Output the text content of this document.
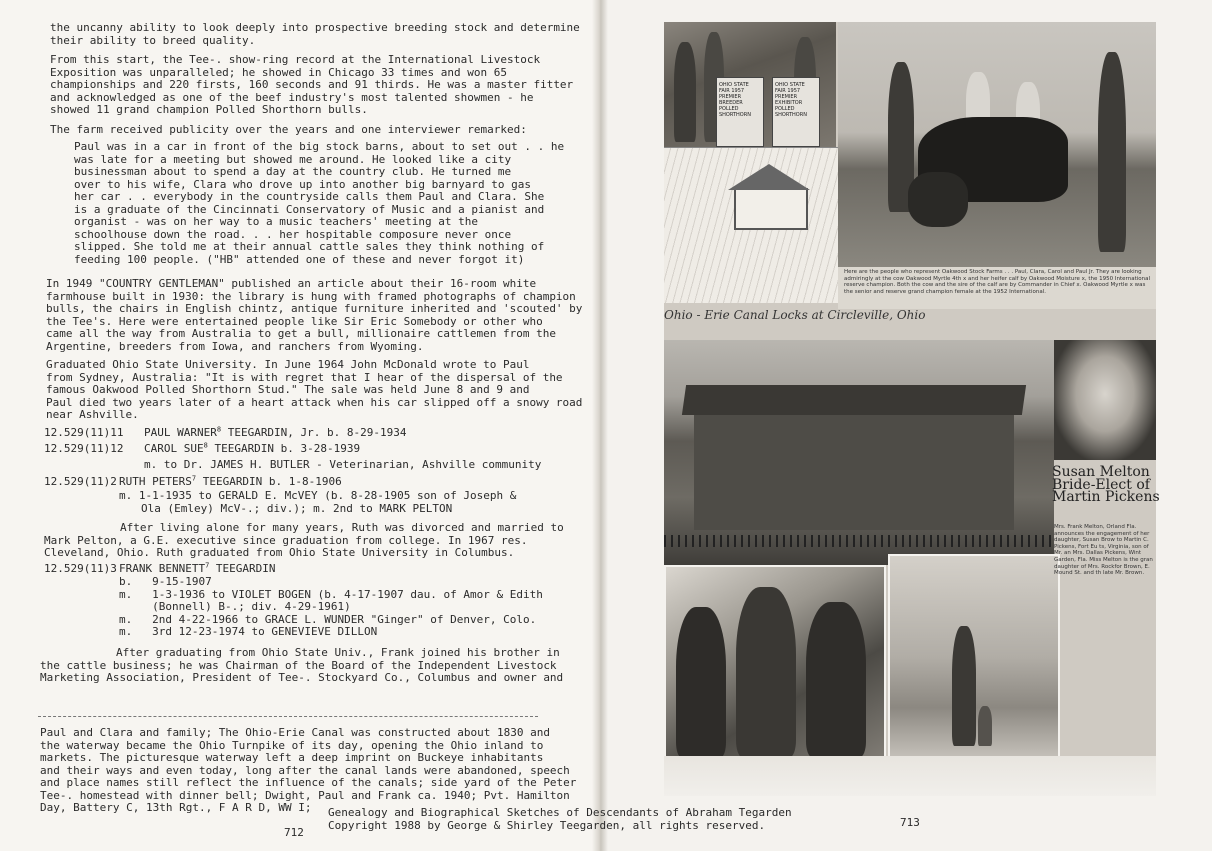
the uncanny ability to look deeply into prospective breeding stock and determine
their ability to breed quality.
From this start, the Tee-. show-ring record at the International Livestock
Exposition was unparalleled; he showed in Chicago 33 times and won 65
championships and 220 firsts, 160 seconds and 91 thirds. He was a master fitter
and acknowledged as one of the beef industry's most talented showmen - he
showed 11 grand champion Polled Shorthorn bulls.
The farm received publicity over the years and one interviewer remarked:
Paul was in a car in front of the big stock barns, about to set out . . he
was late for a meeting but showed me around. He looked like a city
businessman about to spend a day at the country club. He turned me
over to his wife, Clara who drove up into another big barnyard to gas
her car . . everybody in the countryside calls them Paul and Clara. She
is a graduate of the Cincinnati Conservatory of Music and a pianist and
organist - was on her way to a music teachers' meeting at the
schoolhouse down the road. . . her hospitable composure never once
slipped. She told me at their annual cattle sales they think nothing of
feeding 100 people. ("HB" attended one of these and never forgot it)
In 1949 "COUNTRY GENTLEMAN" published an article about their 16-room white
farmhouse built in 1930: the library is hung with framed photographs of champion
bulls, the chairs in English chintz, antique furniture inherited and 'scouted' by
the Tee's. Here were entertained people like Sir Eric Somebody or other who
came all the way from Australia to get a bull, millionaire cattlemen from the
Argentine, breeders from Iowa, and ranchers from Wyoming.
Graduated Ohio State University. In June 1964 John McDonald wrote to Paul
from Sydney, Australia: "It is with regret that I hear of the dispersal of the
famous Oakwood Polled Shorthorn Stud." The sale was held June 8 and 9 and
Paul died two years later of a heart attack when his car slipped off a snowy road
near Ashville.
12.529(11)11 PAUL WARNER$^8$ TEEGARDIN, Jr. b. 8-29-1934
12.529(11)12 CAROL SUE$^8$ TEEGARDIN b. 3-28-1939
m. to Dr. JAMES H. BUTLER - Veterinarian, Ashville community
12.529(11)2 RUTH PETERS$^7$ TEEGARDIN b. 1-8-1906
m. 1-1-1935 to GERALD E. McVEY (b. 8-28-1905 son of Joseph &
Ola (Emley) McV-.; div.); m. 2nd to MARK PELTON
After living alone for many years, Ruth was divorced and married to
Mark Pelton, a G.E. executive since graduation from college. In 1967 res.
Cleveland, Ohio. Ruth graduated from Ohio State University in Columbus.
12.529(11)3 FRANK BENNETT$^7$ TEEGARDIN
b.   9-15-1907
m.   1-3-1936 to VIOLET BOGEN (b. 4-17-1907 dau. of Amor & Edith
(Bonnell) B-.; div. 4-29-1961)
m.   2nd 4-22-1966 to GRACE L. WUNDER "Ginger" of Denver, Colo.
m.   3rd 12-23-1974 to GENEVIEVE DILLON
After graduating from Ohio State Univ., Frank joined his brother in
the cattle business; he was Chairman of the Board of the Independent Livestock
Marketing Association, President of Tee-. Stockyard Co., Columbus and owner and
Paul and Clara and family; The Ohio-Erie Canal was constructed about 1830 and
the waterway became the Ohio Turnpike of its day, opening the Ohio inland to
markets. The picturesque waterway left a deep imprint on Buckeye inhabitants
and their ways and even today, long after the canal lands were abandoned, speech
and place names still reflect the influence of the canals; side yard of the Peter
Tee-. homestead with dinner bell; Dwight, Paul and Frank ca. 1940; Pvt. Hamilton
Day, Battery C, 13th Rgt., F A R D, WW I;
712
Genealogy and Biographical Sketches of Descendants of Abraham Tegarden
Copyright 1988 by George & Shirley Teegarden, all rights reserved.	713
OHIO STATE FAIR 1957 PREMIER BREEDER POLLED SHORTHORN
OHIO STATE FAIR 1957 PREMIER EXHIBITOR POLLED SHORTHORN
Here are the people who represent Oakwood Stock Farms . . . Paul, Clara, Carol and Paul Jr. They are looking admiringly at the cow Oakwood Myrtle 4th x and her heifer calf by Oakwood Moisture x, the 1950 International reserve champion. Both the cow and the sire of the calf are by Commander in Chief x. Oakwood Myrtle x was the senior and reserve grand champion female at the 1952 International.
Ohio - Erie Canal Locks at Circleville, Ohio
Susan Melton
Bride-Elect of
Martin Pickens
Mrs. Frank Melton, Orland Fla. announces the engagement of her daughter, Susan Brow to Martin C. Pickens, Fort Eu ts, Virginia, son of Mr. an Mrs. Dallas Pickens, Wint Garden, Fla. Miss Melton is the gran daughter of Mrs. Rockfor Brown, E. Mound St. and th late Mr. Brown.
